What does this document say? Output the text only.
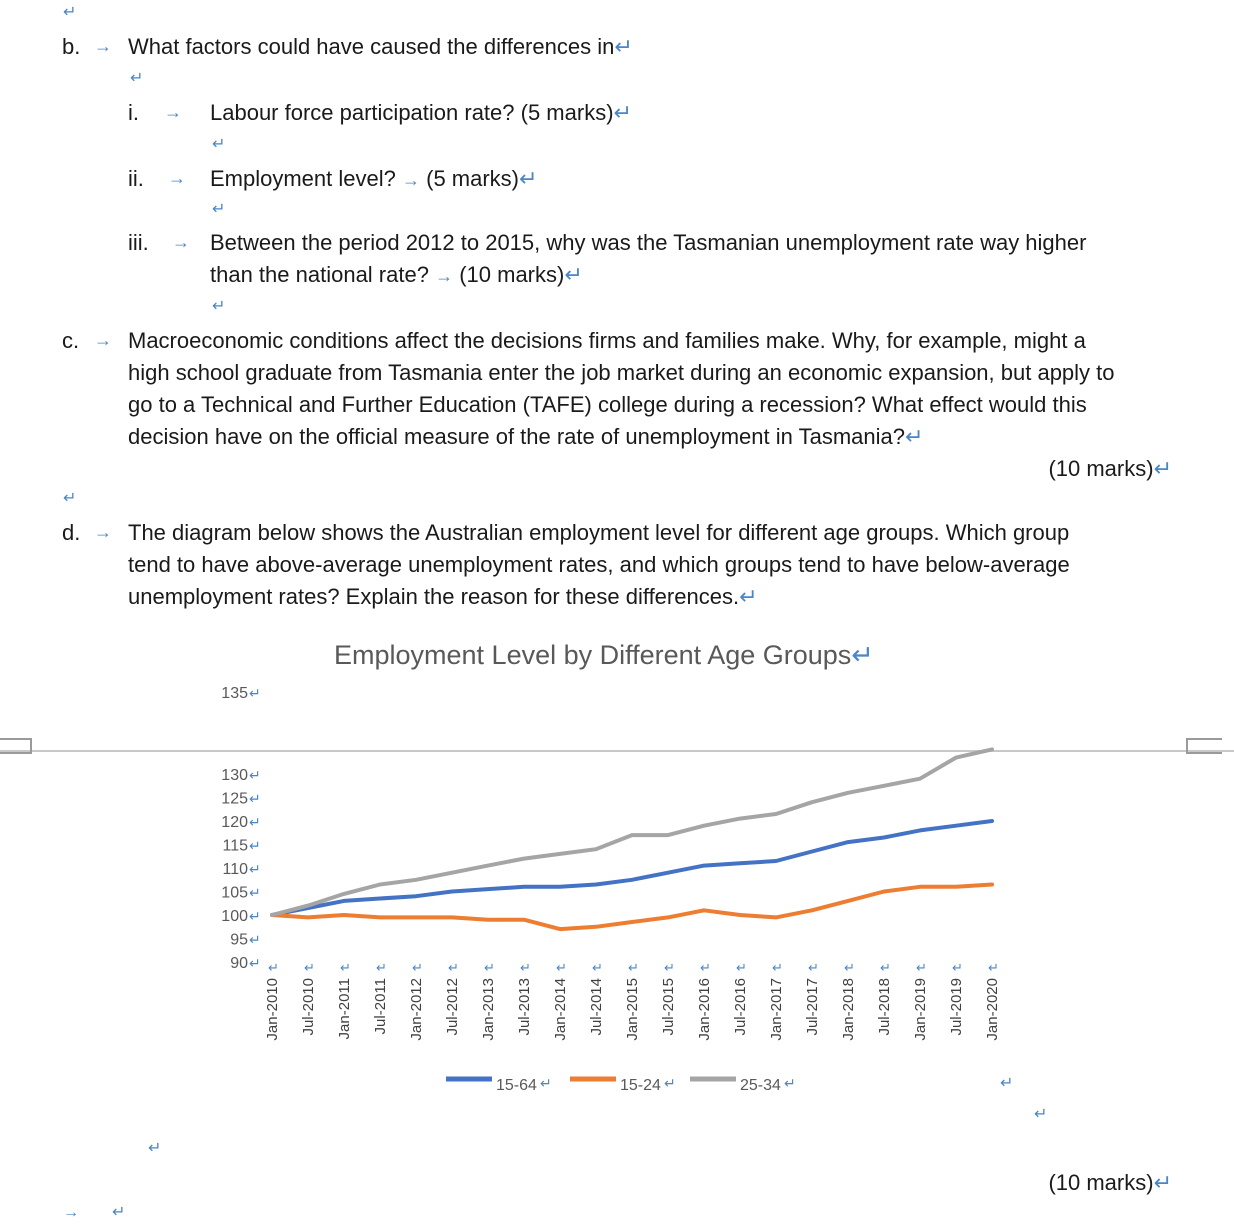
↵
b. → What factors could have caused the differences in↵
↵
i. → Labour force participation rate? (5 marks)↵
↵
ii. → Employment level? → (5 marks)↵
↵
iii. → Between the period 2012 to 2015, why was the Tasmanian unemployment rate way higher
than the national rate? → (10 marks)↵
↵
c. → Macroeconomic conditions affect the decisions firms and families make. Why, for example, might a
high school graduate from Tasmania enter the job market during an economic expansion, but apply to
go to a Technical and Further Education (TAFE) college during a recession? What effect would this
decision have on the official measure of the rate of unemployment in Tasmania?↵
(10 marks)↵
↵
d. → The diagram below shows the Australian employment level for different age groups. Which group
tend to have above-average unemployment rates, and which groups tend to have below-average
unemployment rates? Explain the reason for these differences.↵
Employment Level by Different Age Groups↵
135 ↵
130 ↵
125 ↵
120 ↵
115 ↵
110 ↵
105 ↵
100 ↵
95 ↵
90 ↵
Jan-2010
↵
Jul-2010
↵
Jan-2011
↵
Jul-2011
↵
Jan-2012
↵
Jul-2012
↵
Jan-2013
↵
Jul-2013
↵
Jan-2014
↵
Jul-2014
↵
Jan-2015
↵
Jul-2015
↵
Jan-2016
↵
Jul-2016
↵
Jan-2017
↵
Jul-2017
↵
Jan-2018
↵
Jul-2018
↵
Jan-2019
↵
Jul-2019
↵
Jan-2020
↵
15-64 ↵	15-24 ↵	25-34 ↵	↵
↵
↵
(10 marks)↵
→ ↵
